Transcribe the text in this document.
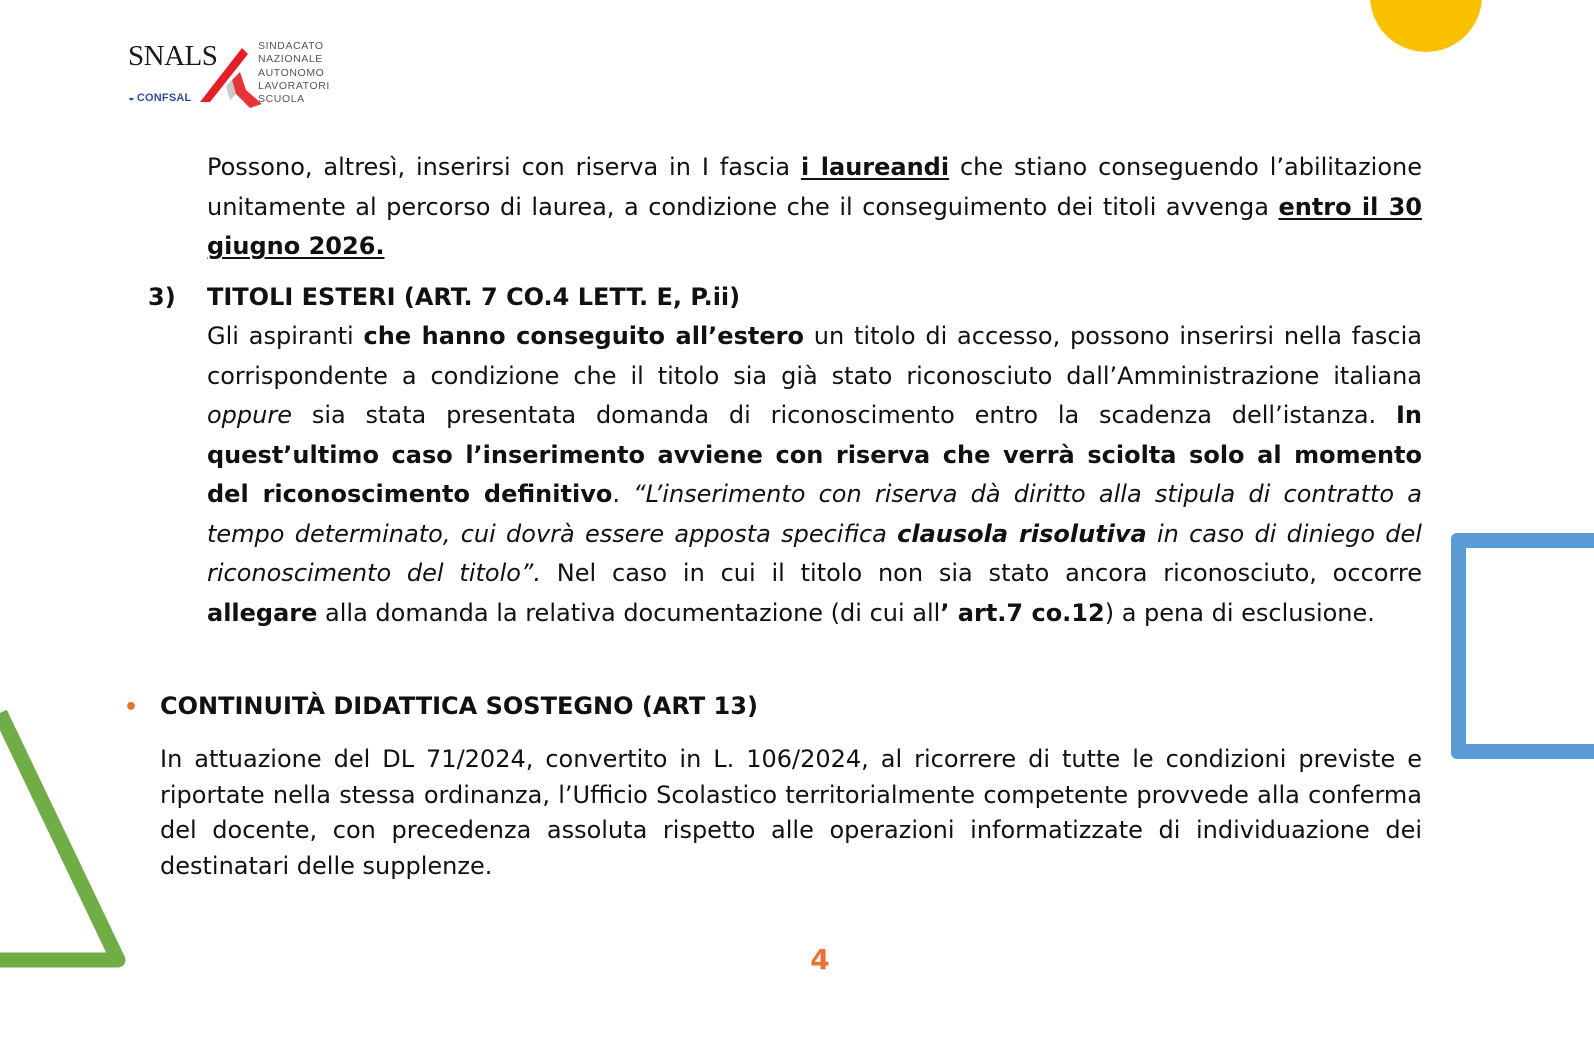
SNALS
◒ CONFSAL
SINDACATO
NAZIONALE
AUTONOMO
LAVORATORI
SCUOLA
Possono, altresì, inserirsi con riserva in I fascia i laureandi che stiano conseguendo l’abilitazione unitamente al percorso di laurea, a condizione che il conseguimento dei titoli avvenga entro il 30 giugno 2026.
3) TITOLI ESTERI (ART. 7 CO.4 LETT. E, P.ii)
Gli aspiranti che hanno conseguito all’estero un titolo di accesso, possono inserirsi nella fascia corrispondente a condizione che il titolo sia già stato riconosciuto dall’Amministrazione italiana oppure sia stata presentata domanda di riconoscimento entro la scadenza dell’istanza. In quest’ultimo caso l’inserimento avviene con riserva che verrà sciolta solo al momento del riconoscimento definitivo. “L’inserimento con riserva dà diritto alla stipula di contratto a tempo determinato, cui dovrà essere apposta specifica clausola risolutiva in caso di diniego del riconoscimento del titolo”. Nel caso in cui il titolo non sia stato ancora riconosciuto, occorre allegare alla domanda la relativa documentazione (di cui all’ art.7 co.12) a pena di esclusione.
• CONTINUITÀ DIDATTICA SOSTEGNO (ART 13)
In attuazione del DL 71/2024, convertito in L. 106/2024, al ricorrere di tutte le condizioni previste e riportate nella stessa ordinanza, l’Ufficio Scolastico territorialmente competente provvede alla conferma del docente, con precedenza assoluta rispetto alle operazioni informatizzate di individuazione dei destinatari delle supplenze.
4
